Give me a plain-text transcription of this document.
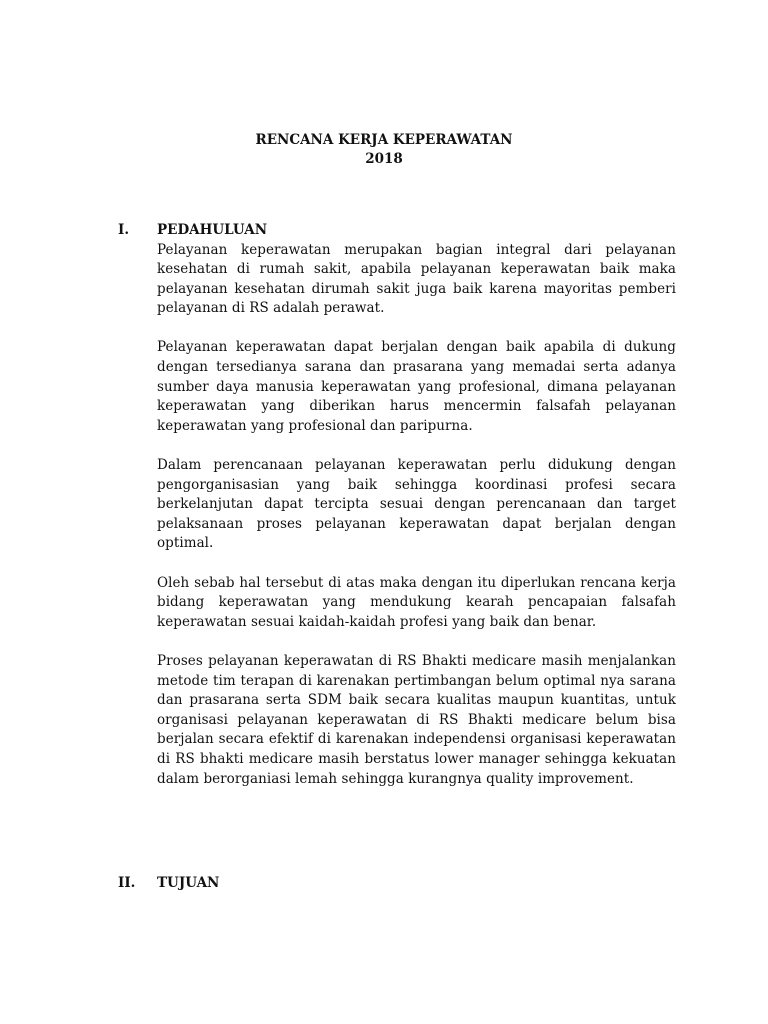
RENCANA KERJA KEPERAWATAN
2018
I.	PEDAHULUAN

Pelayanan keperawatan merupakan bagian integral dari pelayanan kesehatan di rumah sakit, apabila pelayanan keperawatan baik maka pelayanan kesehatan dirumah sakit juga baik karena mayoritas pemberi pelayanan di RS adalah perawat.

Pelayanan keperawatan dapat berjalan dengan baik apabila di dukung dengan tersedianya sarana dan prasarana yang memadai serta adanya sumber daya manusia keperawatan yang profesional, dimana pelayanan keperawatan yang diberikan harus mencermin falsafah pelayanan keperawatan yang profesional dan paripurna.

Dalam perencanaan pelayanan keperawatan perlu didukung dengan pengorganisasian yang baik sehingga koordinasi profesi secara berkelanjutan dapat tercipta sesuai dengan perencanaan dan target pelaksanaan proses pelayanan keperawatan dapat berjalan dengan optimal.

Oleh sebab hal tersebut di atas maka dengan itu diperlukan rencana kerja bidang keperawatan yang mendukung kearah pencapaian falsafah keperawatan sesuai kaidah-kaidah profesi yang baik dan benar.

Proses pelayanan keperawatan di RS Bhakti medicare masih menjalankan metode tim terapan di karenakan pertimbangan belum optimal nya sarana dan prasarana serta SDM baik secara kualitas maupun kuantitas, untuk organisasi pelayanan keperawatan di RS Bhakti medicare belum bisa berjalan secara efektif di karenakan independensi organisasi keperawatan di RS bhakti medicare masih berstatus lower manager sehingga kekuatan dalam berorganiasi lemah sehingga kurangnya quality improvement.

II.	TUJUAN
